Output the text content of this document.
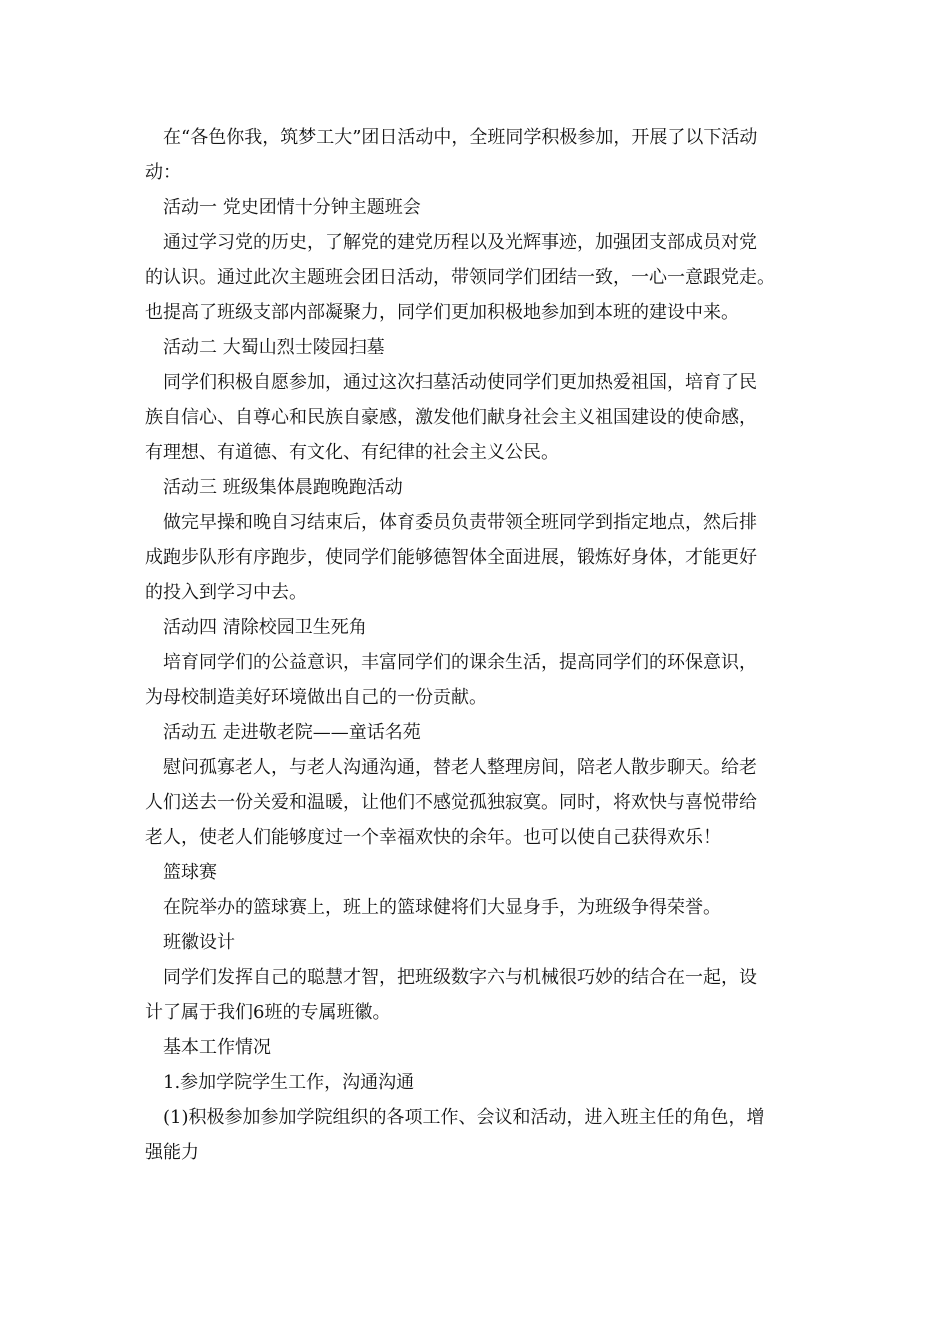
在“各色你我，筑梦工大”团日活动中，全班同学积极参加，开展了以下活动

动：

活动一 党史团情十分钟主题班会

通过学习党的历史，了解党的建党历程以及光辉事迹，加强团支部成员对党

的认识。通过此次主题班会团日活动，带领同学们团结一致，一心一意跟党走。

也提高了班级支部内部凝聚力，同学们更加积极地参加到本班的建设中来。

活动二 大蜀山烈士陵园扫墓

同学们积极自愿参加，通过这次扫墓活动使同学们更加热爱祖国，培育了民

族自信心、自尊心和民族自豪感，激发他们献身社会主义祖国建设的使命感，

有理想、有道德、有文化、有纪律的社会主义公民。

活动三 班级集体晨跑晚跑活动

做完早操和晚自习结束后，体育委员负责带领全班同学到指定地点，然后排

成跑步队形有序跑步，使同学们能够德智体全面进展，锻炼好身体，才能更好

的投入到学习中去。

活动四 清除校园卫生死角

培育同学们的公益意识，丰富同学们的课余生活，提高同学们的环保意识，

为母校制造美好环境做出自己的一份贡献。

活动五 走进敬老院——童话名苑

慰问孤寡老人，与老人沟通沟通，替老人整理房间，陪老人散步聊天。给老

人们送去一份关爱和温暖，让他们不感觉孤独寂寞。同时，将欢快与喜悦带给

老人，使老人们能够度过一个幸福欢快的余年。也可以使自己获得欢乐！

篮球赛

在院举办的篮球赛上，班上的篮球健将们大显身手，为班级争得荣誉。

班徽设计

同学们发挥自己的聪慧才智，把班级数字六与机械很巧妙的结合在一起，设

计了属于我们6班的专属班徽。

基本工作情况

1.参加学院学生工作，沟通沟通

(1)积极参加参加学院组织的各项工作、会议和活动，进入班主任的角色，增

强能力
